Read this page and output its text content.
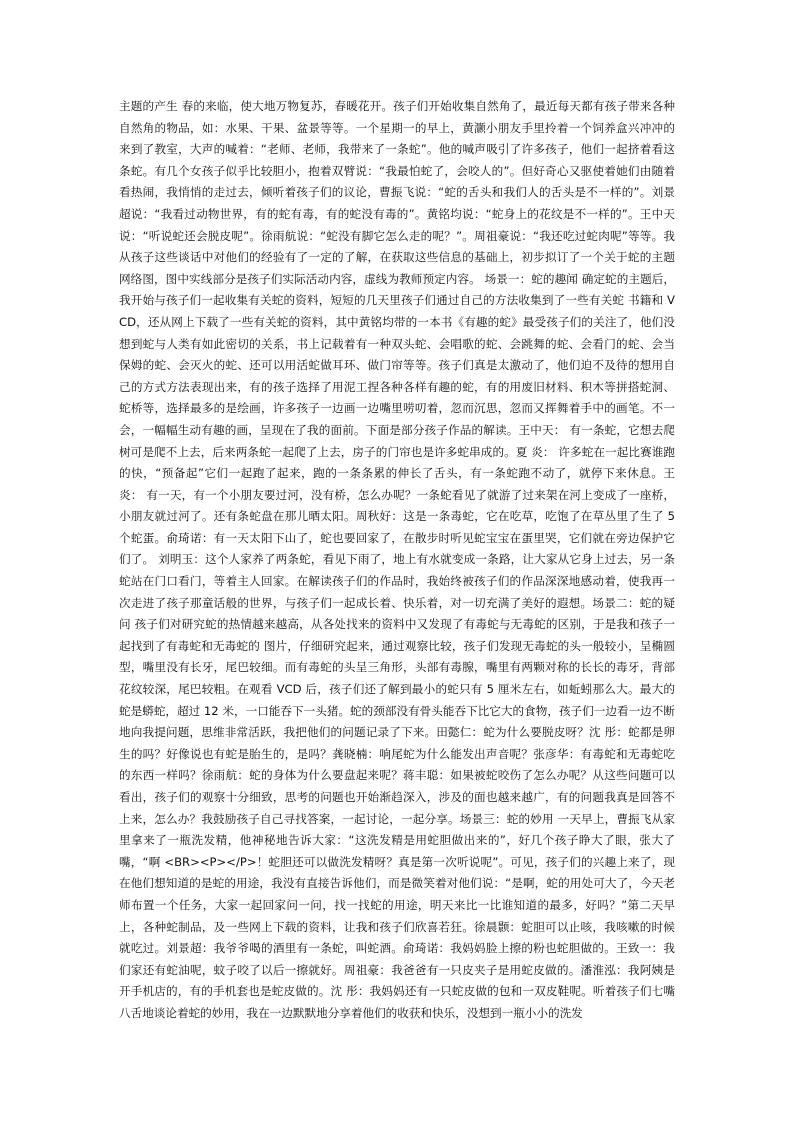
主题的产生 春的来临，使大地万物复苏，春暖花开。孩子们开始收集自然角了，最近每天都有孩子带来各种自然角的物品，如：水果、干果、盆景等等。一个星期一的早上，黄灏小朋友手里拎着一个饲养盒兴冲冲的来到了教室，大声的喊着：“老师、老师，我带来了一条蛇”。他的喊声吸引了许多孩子，他们一起挤着看这条蛇。有几个女孩子似乎比较胆小，抱着双臂说：“我最怕蛇了，会咬人的”。但好奇心又驱使着她们由随着看热闹，我悄悄的走过去，倾听着孩子们的议论，曹振飞说：“蛇的舌头和我们人的舌头是不一样的”。刘景超说：“我看过动物世界，有的蛇有毒，有的蛇没有毒的”。黄铭均说：“蛇身上的花纹是不一样的”。王中天说：“听说蛇还会脱皮呢”。徐雨航说：“蛇没有脚它怎么走的呢？”。周祖豪说：“我还吃过蛇肉呢”等等。我从孩子这些谈话中对他们的经验有了一定的了解，在获取这些信息的基础上，初步拟订了一个关于蛇的主题网络图，图中实线部分是孩子们实际活动内容，虚线为教师预定内容。 场景一：蛇的趣闻 确定蛇的主题后，我开始与孩子们一起收集有关蛇的资料，短短的几天里孩子们通过自己的方法收集到了一些有关蛇 书籍和 VCD，还从网上下载了一些有关蛇的资料，其中黄铭均带的一本书《有趣的蛇》最受孩子们的关注了，他们没想到蛇与人类有如此密切的关系，书上记载着有一种双头蛇、会唱歌的蛇、会跳舞的蛇、会看门的蛇、会当保姆的蛇、会灭火的蛇、还可以用活蛇做耳环、做门帘等等。孩子们真是太激动了，他们迫不及待的想用自己的方式方法表现出来，有的孩子选择了用泥工捏各种各样有趣的蛇，有的用废旧材料、积木等拼搭蛇洞、蛇桥等，选择最多的是绘画，许多孩子一边画一边嘴里唠叨着，忽而沉思，忽而又挥舞着手中的画笔。不一会，一幅幅生动有趣的画，呈现在了我的面前。下面是部分孩子作品的解读。王中天： 有一条蛇，它想去爬树可是爬不上去，后来两条蛇一起爬了上去，房子的门帘也是许多蛇串成的。夏 炎： 许多蛇在一起比赛谁跑的快，“预备起”它们一起跑了起来，跑的一条条累的伸长了舌头，有一条蛇跑不动了，就停下来休息。王 炎： 有一天，有一个小朋友要过河，没有桥，怎么办呢？一条蛇看见了就游了过来架在河上变成了一座桥，小朋友就过河了。还有条蛇盘在那儿晒太阳。周秋好：这是一条毒蛇，它在吃草，吃饱了在草丛里了生了 5 个蛇蛋。俞琦诺：有一天太阳下山了，蛇也要回家了，在散步时听见蛇宝宝在蛋里哭，它们就在旁边保护它们了。 刘明玉：这个人家养了两条蛇，看见下雨了，地上有水就变成一条路，让大家从它身上过去，另一条蛇站在门口看门，等着主人回家。在解读孩子们的作品时，我始终被孩子们的作品深深地感动着，使我再一次走进了孩子那童话般的世界，与孩子们一起成长着、快乐着，对一切充满了美好的遐想。场景二：蛇的疑问 孩子们对研究蛇的热情越来越高，从各处找来的资料中又发现了有毒蛇与无毒蛇的区别，于是我和孩子一起找到了有毒蛇和无毒蛇的 图片，仔细研究起来，通过观察比较，孩子们发现无毒蛇的头一般较小，呈椭圆型，嘴里没有长牙，尾巴较细。而有毒蛇的头呈三角形，头部有毒腺，嘴里有两颗对称的长长的毒牙，背部花纹较深，尾巴较粗。在观看 VCD 后，孩子们还了解到最小的蛇只有 5 厘米左右，如蚯蚓那么大。最大的蛇是蟒蛇，超过 12 米，一口能吞下一头猪。蛇的颈部没有骨头能吞下比它大的食物，孩子们一边看一边不断地向我提问题，思维非常活跃，我把他们的问题记录了下来。田懿仁：蛇为什么要脱皮呀？沈 彤：蛇都是卵生的吗？好像说也有蛇是胎生的，是吗？龚晓楠：响尾蛇为什么能发出声音呢？张彦华：有毒蛇和无毒蛇吃的东西一样吗？徐雨航：蛇的身体为什么要盘起来呢？蒋丰聪：如果被蛇咬伤了怎么办呢？从这些问题可以看出，孩子们的观察十分细致，思考的问题也开始渐趋深入，涉及的面也越来越广，有的问题我真是回答不上来，怎么办？我鼓励孩子自己寻找答案，一起讨论，一起分享。场景三：蛇的妙用 一天早上，曹振飞从家里拿来了一瓶洗发精，他神秘地告诉大家：“这洗发精是用蛇胆做出来的”，好几个孩子睁大了眼，张大了嘴，“啊 <BR><P></P>！蛇胆还可以做洗发精呀？真是第一次听说呢”。可见，孩子们的兴趣上来了，现在他们想知道的是蛇的用途，我没有直接告诉他们，而是微笑着对他们说：“是啊，蛇的用处可大了，今天老师布置一个任务，大家一起回家问一问，找一找蛇的用途，明天来比一比谁知道的最多，好吗？”第二天早上，各种蛇制品，及一些网上下载的资料，让我和孩子们欣喜若狂。徐晨颢：蛇胆可以止咳，我咳嗽的时候就吃过。刘景超：我爷爷喝的酒里有一条蛇，叫蛇酒。俞琦诺：我妈妈脸上擦的粉也蛇胆做的。王致一：我们家还有蛇油呢，蚊子咬了以后一擦就好。周祖豪：我爸爸有一只皮夹子是用蛇皮做的。潘淮泓：我阿姨是开手机店的，有的手机套也是蛇皮做的。沈 彤：我妈妈还有一只蛇皮做的包和一双皮鞋呢。听着孩子们七嘴八舌地谈论着蛇的妙用，我在一边默默地分享着他们的收获和快乐，没想到一瓶小小的洗发
